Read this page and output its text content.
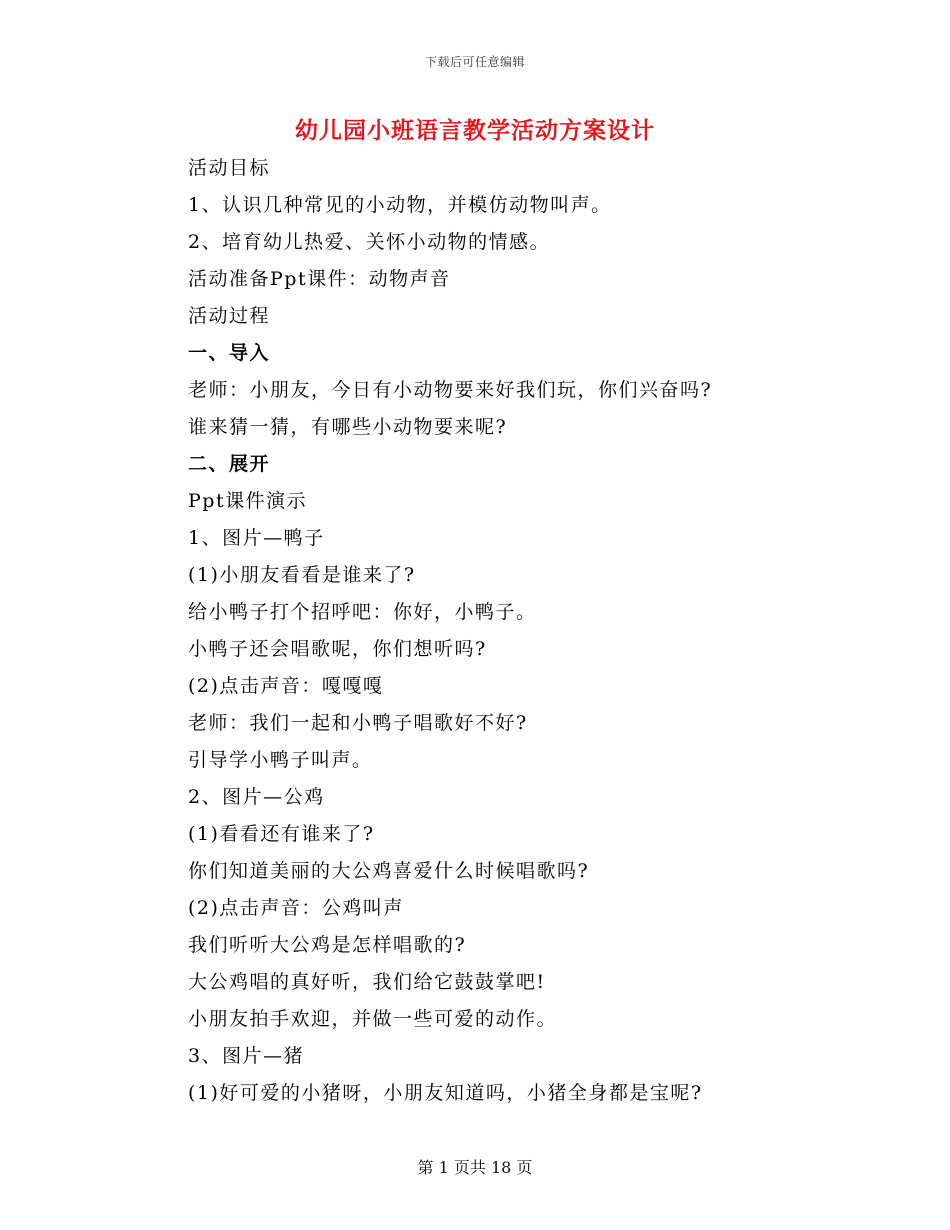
下载后可任意编辑
幼儿园小班语言教学活动方案设计
活动目标
1、认识几种常见的小动物，并模仿动物叫声。
2、培育幼儿热爱、关怀小动物的情感。
活动准备Ppt课件：动物声音
活动过程
一、导入
老师：小朋友，今日有小动物要来好我们玩，你们兴奋吗?
谁来猜一猜，有哪些小动物要来呢?
二、展开
Ppt课件演示
1、图片—鸭子
(1)小朋友看看是谁来了?
给小鸭子打个招呼吧：你好，小鸭子。
小鸭子还会唱歌呢，你们想听吗?
(2)点击声音：嘎嘎嘎
老师：我们一起和小鸭子唱歌好不好?
引导学小鸭子叫声。
2、图片—公鸡
(1)看看还有谁来了?
你们知道美丽的大公鸡喜爱什么时候唱歌吗?
(2)点击声音：公鸡叫声
我们听听大公鸡是怎样唱歌的?
大公鸡唱的真好听，我们给它鼓鼓掌吧!
小朋友拍手欢迎，并做一些可爱的动作。
3、图片—猪
(1)好可爱的小猪呀，小朋友知道吗，小猪全身都是宝呢?
第 1 页共 18 页
